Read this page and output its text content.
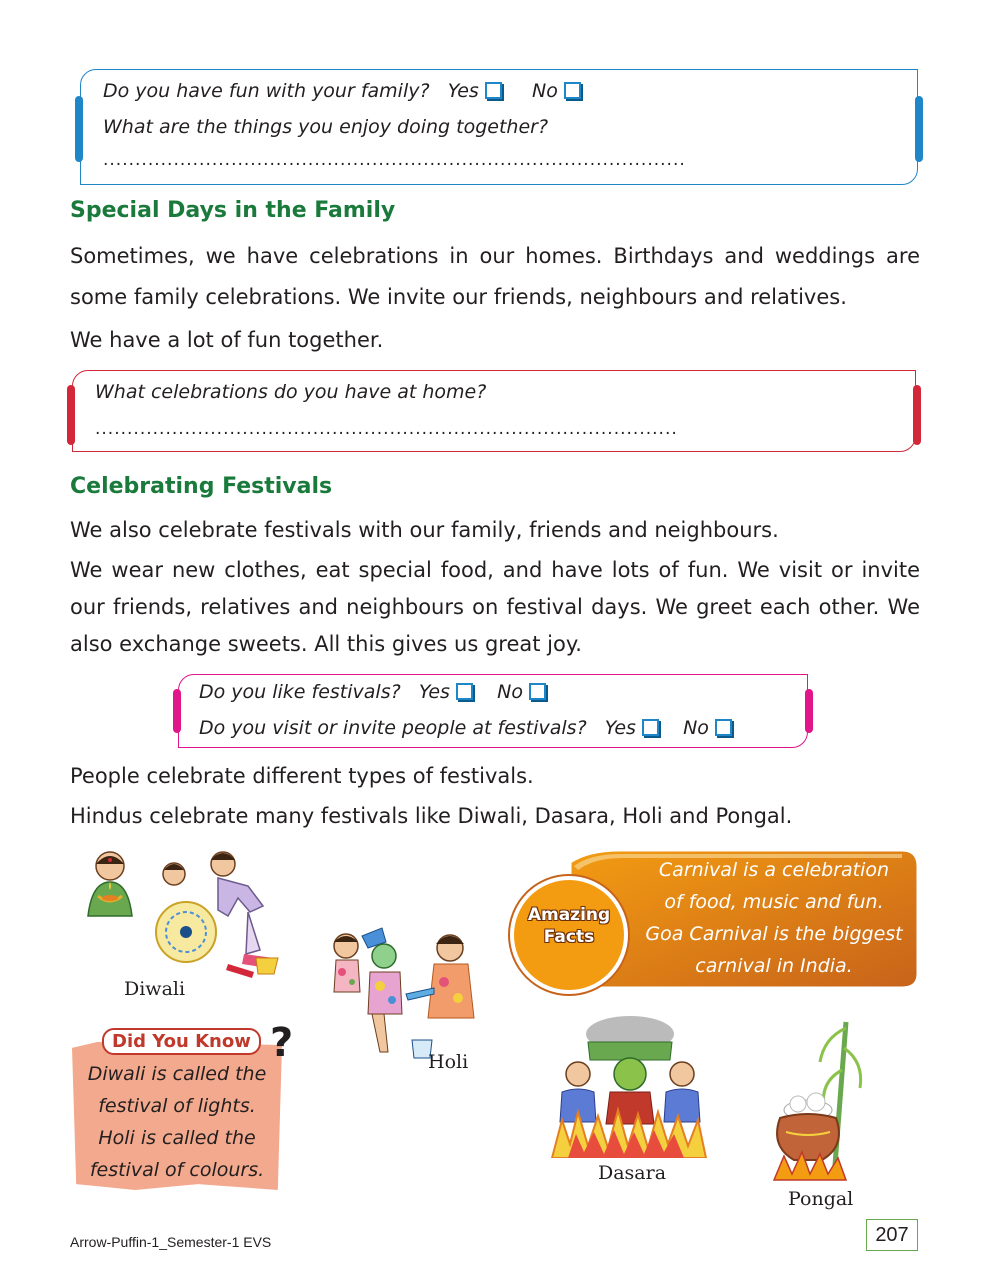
Do you have fun with your family? Yes	No
What are the things you enjoy doing together?
...........................................................................................
Special Days in the Family
Sometimes, we have celebrations in our homes. Birthdays and weddings are some family celebrations. We invite our friends, neighbours and relatives.
We have a lot of fun together.
What celebrations do you have at home?
...........................................................................................
Celebrating Festivals
We also celebrate festivals with our family, friends and neighbours.
We wear new clothes, eat special food, and have lots of fun. We visit or invite our friends, relatives and neighbours on festival days. We greet each other. We also exchange sweets. All this gives us great joy.
Do you like festivals? Yes No
Do you visit or invite people at festivals? Yes No
People celebrate different types of festivals.
Hindus celebrate many festivals like Diwali, Dasara, Holi and Pongal.
Diwali
Did You Know ?
Diwali is called the
festival of lights.
Holi is called the
festival of colours.
Holi
Amazing Facts
Carnival is a celebration
of food, music and fun.
Goa Carnival is the biggest
carnival in India.
Dasara
Pongal
Arrow-Puffin-1_Semester-1 EVS	207
